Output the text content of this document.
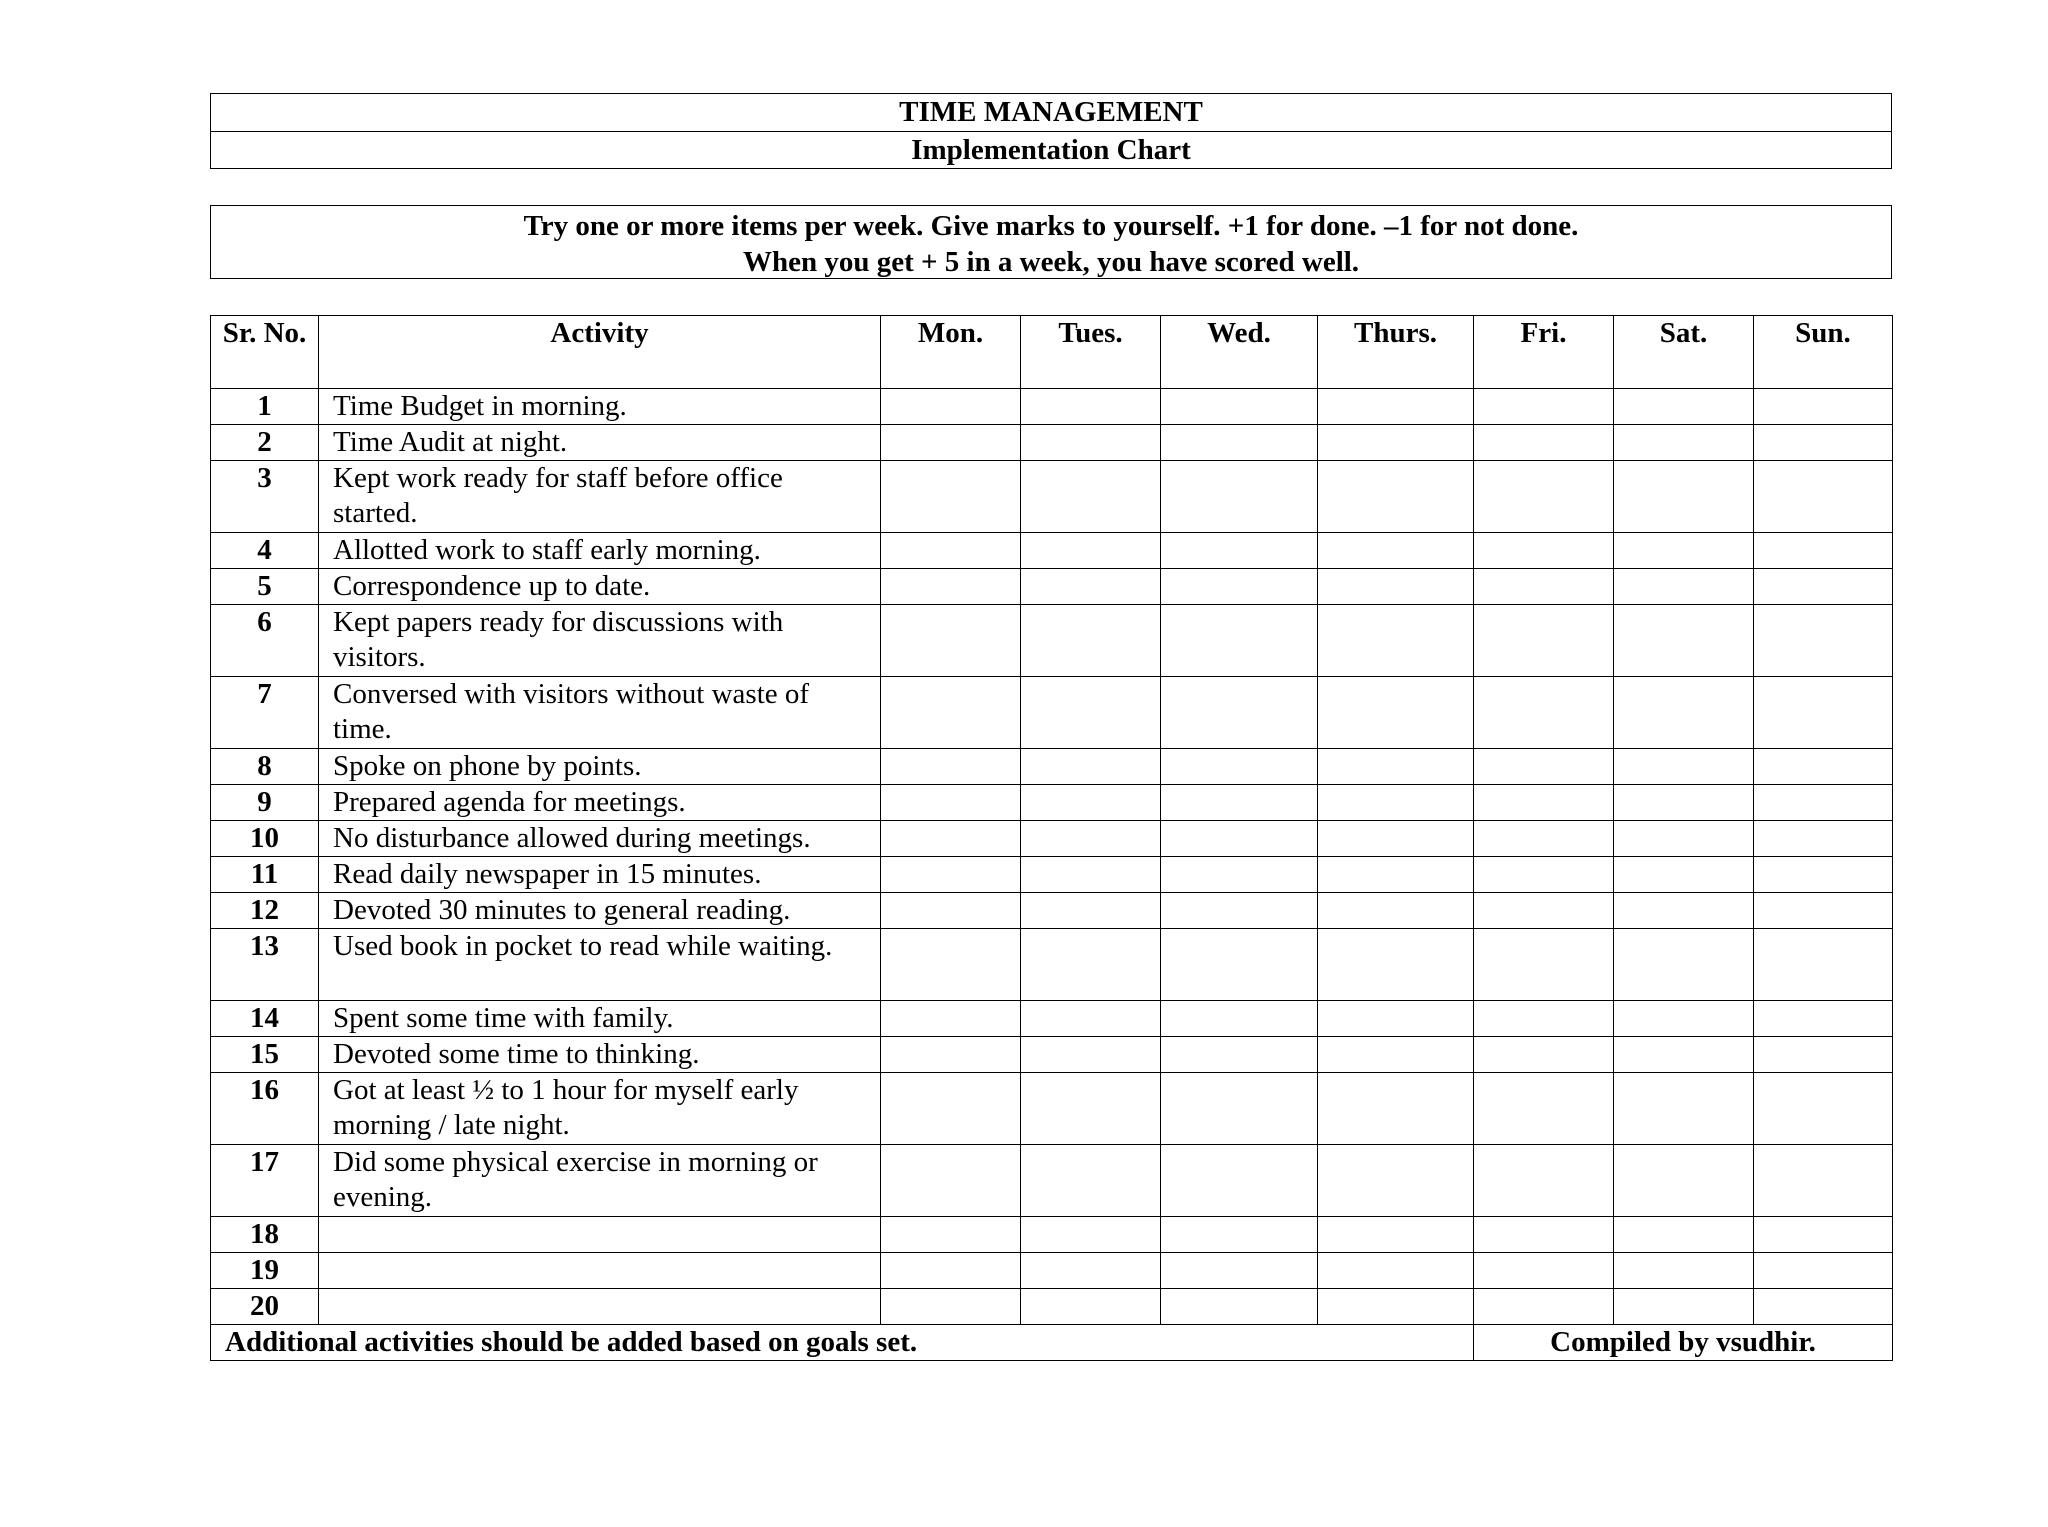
TIME MANAGEMENT
Implementation Chart
Try one or more items per week. Give marks to yourself. +1 for done. –1 for not done.
When you get + 5 in a week, you have scored well.
Sr. No.	Activity	Mon.	Tues.	Wed.	Thurs.	Fri.	Sat.	Sun.
1	Time Budget in morning.							
2	Time Audit at night.							
3	Kept work ready for staff before office started.							
4	Allotted work to staff early morning.							
5	Correspondence up to date.							
6	Kept papers ready for discussions with visitors.							
7	Conversed with visitors without waste of time.							
8	Spoke on phone by points.							
9	Prepared agenda for meetings.							
10	No disturbance allowed during meetings.							
11	Read daily newspaper in 15 minutes.							
12	Devoted 30 minutes to general reading.							
13	Used book in pocket to read while waiting.							
14	Spent some time with family.							
15	Devoted some time to thinking.							
16	Got at least ½ to 1 hour for myself early morning / late night.							
17	Did some physical exercise in morning or evening.							
18								
19								
20								
Additional activities should be added based on goals set.						Compiled by vsudhir.		
